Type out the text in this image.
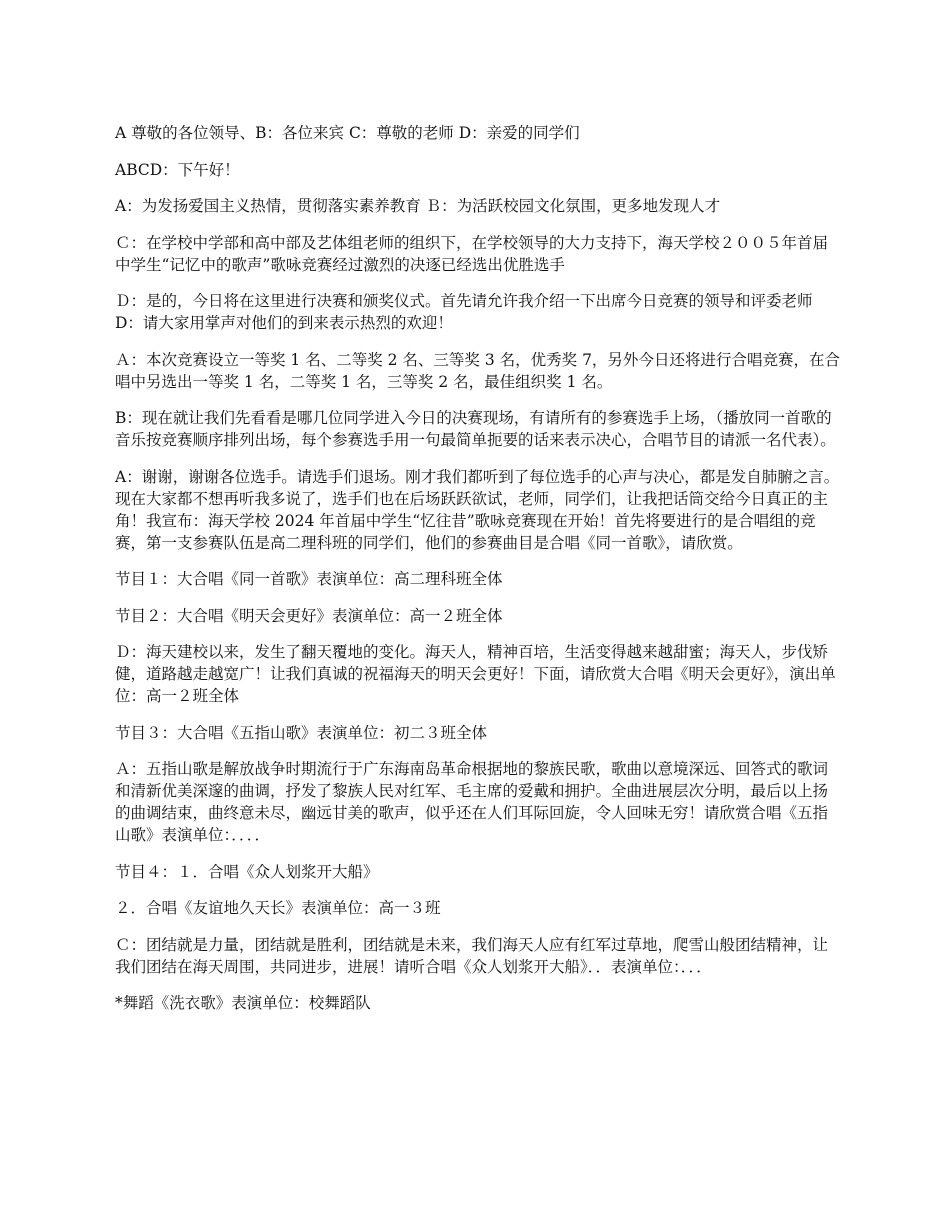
A 尊敬的各位领导、B：各位来宾 C：尊敬的老师 D：亲爱的同学们

ABCD：下午好！

A：为发扬爱国主义热情，贯彻落实素养教育 Ｂ：为活跃校园文化氛围，更多地发现人才

Ｃ：在学校中学部和高中部及艺体组老师的组织下，在学校领导的大力支持下，海天学校２００５年首届中学生“记忆中的歌声”歌咏竞赛经过激烈的决逐已经选出优胜选手

Ｄ：是的，今日将在这里进行决赛和颁奖仪式。首先请允许我介绍一下出席今日竞赛的领导和评委老师 D：请大家用掌声对他们的到来表示热烈的欢迎！

Ａ：本次竞赛设立一等奖 1 名、二等奖 2 名、三等奖 3 名，优秀奖 7，另外今日还将进行合唱竞赛，在合唱中另选出一等奖 1 名，二等奖 1 名，三等奖 2 名，最佳组织奖 1 名。

B：现在就让我们先看看是哪几位同学进入今日的决赛现场，有请所有的参赛选手上场，（播放同一首歌的音乐按竞赛顺序排列出场，每个参赛选手用一句最简单扼要的话来表示决心，合唱节目的请派一名代表）。

A：谢谢，谢谢各位选手。请选手们退场。刚才我们都听到了每位选手的心声与决心，都是发自肺腑之言。现在大家都不想再听我多说了，选手们也在后场跃跃欲试，老师，同学们，让我把话筒交给今日真正的主角！我宣布：海天学校 2024 年首届中学生“忆往昔”歌咏竞赛现在开始！首先将要进行的是合唱组的竞赛，第一支参赛队伍是高二理科班的同学们，他们的参赛曲目是合唱《同一首歌》，请欣赏。

节目１：大合唱《同一首歌》表演单位：高二理科班全体

节目２：大合唱《明天会更好》表演单位：高一２班全体

Ｄ：海天建校以来，发生了翻天覆地的变化。海天人，精神百培，生活变得越来越甜蜜；海天人，步伐矫健，道路越走越宽广！让我们真诚的祝福海天的明天会更好！下面，请欣赏大合唱《明天会更好》，演出单位：高一２班全体

节目３：大合唱《五指山歌》表演单位：初二３班全体

Ａ：五指山歌是解放战争时期流行于广东海南岛革命根据地的黎族民歌，歌曲以意境深远、回答式的歌词和清新优美深邃的曲调，抒发了黎族人民对红军、毛主席的爱戴和拥护。全曲进展层次分明，最后以上扬的曲调结束，曲终意未尽，幽远甘美的歌声，似乎还在人们耳际回旋，令人回味无穷！请欣赏合唱《五指山歌》表演单位：．．．．

节目４：１．合唱《众人划浆开大船》

２．合唱《友谊地久天长》表演单位：高一３班

Ｃ：团结就是力量，团结就是胜利，团结就是未来，我们海天人应有红军过草地，爬雪山般团结精神，让我们团结在海天周围，共同进步，进展！请听合唱《众人划浆开大船》．．表演单位：．．．

*舞蹈《洗衣歌》表演单位：校舞蹈队
